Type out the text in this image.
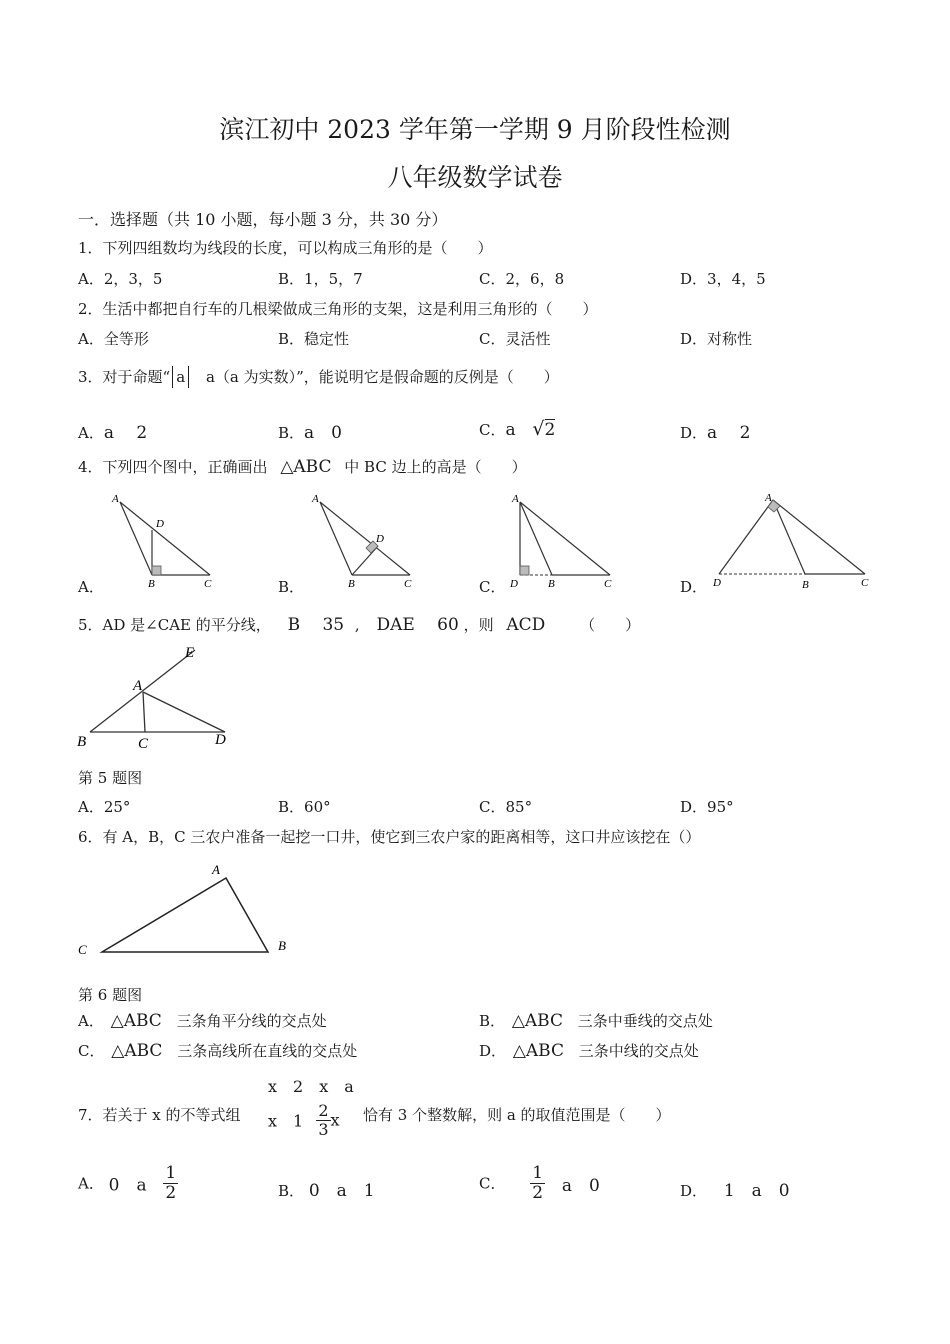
滨江初中 2023 学年第一学期 9 月阶段性检测
八年级数学试卷
一．选择题（共 10 小题，每小题 3 分，共 30 分）
1．下列四组数均为线段的长度，可以构成三角形的是（　　）
A．2，3，5	B．1，5，7	C．2，6，8	D．3，4，5
2．生活中都把自行车的几根梁做成三角形的支架，这是利用三角形的（　　）
A．全等形	B．稳定性	C．灵活性	D．对称性
3．对于命题“ a a（a 为实数）”，能说明它是假命题的反例是（　　）
A．a　 2	B．a　0	C．a √2	D．a　 2
4．下列四个图中，正确画出 △ABC 中 BC 边上的高是（　　）
A．	B．	C．	D．
A
D
B	C
A
D
B	C
A
D	B	C
A
D	B	C
5．AD 是∠CAE 的平分线， B　 35 , DAE　 60 ，则 ACD （　　）
E
A
B	C	D
第 5 题图
A．25°	B．60°	C．85°	D．95°
6．有 A，B，C 三农户准备一起挖一口井，使它到三农户家的距离相等，这口井应该挖在（）
A
C	B
第 6 题图
A． △ABC 三条角平分线的交点处	B． △ABC 三条中垂线的交点处
C． △ABC 三条高线所在直线的交点处	D． △ABC 三条中线的交点处
x　2　x　a
7．若关于 x 的不等式组 x　$1 \frac{2}{3}$ x 恰有 3 个整数解，则 a 的取值范围是（　　）
A． 0　a $\frac{1}{2}$	B． 0　a　1	C． $\frac{1}{2}$ a　0	D． 1　a　0
